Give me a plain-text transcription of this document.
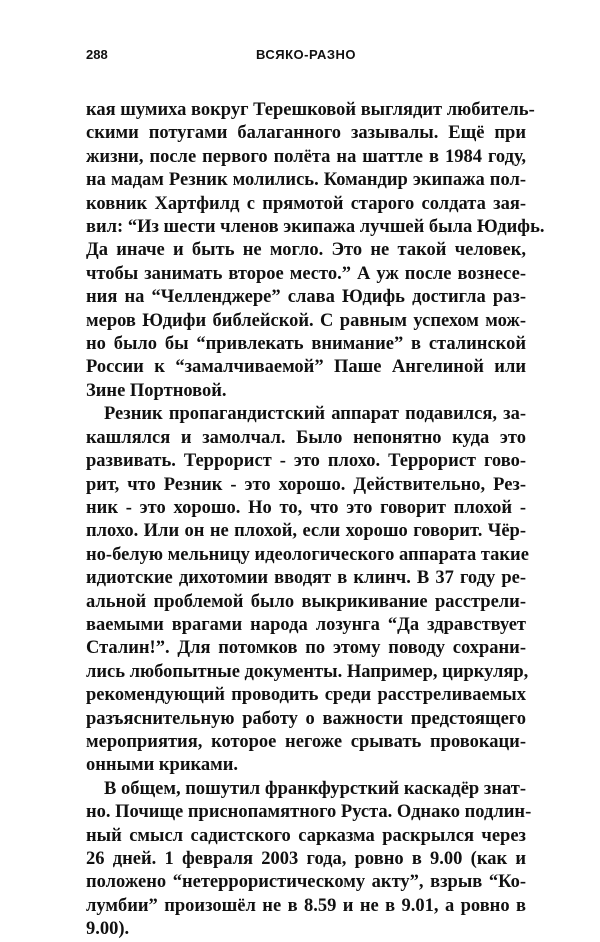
288	ВСЯКО-РАЗНО
кая шумиха вокруг Терешковой выглядит любитель-
скими потугами балаганного зазывалы. Ещё при
жизни, после первого полёта на шаттле в 1984 году,
на мадам Резник молились. Командир экипажа пол-
ковник Хартфилд с прямотой старого солдата зая-
вил: “Из шести членов экипажа лучшей была Юдифь.
Да иначе и быть не могло. Это не такой человек,
чтобы занимать второе место.” А уж после вознесе-
ния на “Челленджере” слава Юдифь достигла раз-
меров Юдифи библейской. С равным успехом мож-
но было бы “привлекать внимание” в сталинской
России к “замалчиваемой” Паше Ангелиной или
Зине Портновой.
Резник пропагандистский аппарат подавился, за-
кашлялся и замолчал. Было непонятно куда это
развивать. Террорист - это плохо. Террорист гово-
рит, что Резник - это хорошо. Действительно, Рез-
ник - это хорошо. Но то, что это говорит плохой -
плохо. Или он не плохой, если хорошо говорит. Чёр-
но-белую мельницу идеологического аппарата такие
идиотские дихотомии вводят в клинч. В 37 году ре-
альной проблемой было выкрикивание расстрели-
ваемыми врагами народа лозунга “Да здравствует
Сталин!”. Для потомков по этому поводу сохрани-
лись любопытные документы. Например, циркуляр,
рекомендующий проводить среди расстреливаемых
разъяснительную работу о важности предстоящего
мероприятия, которое негоже срывать провокаци-
онными криками.
В общем, пошутил франкфурсткий каскадёр знат-
но. Почище приснопамятного Руста. Однако подлин-
ный смысл садистского сарказма раскрылся через
26 дней. 1 февраля 2003 года, ровно в 9.00 (как и
положено “нетеррористическому акту”, взрыв “Ко-
лумбии” произошёл не в 8.59 и не в 9.01, а ровно в
9.00).
